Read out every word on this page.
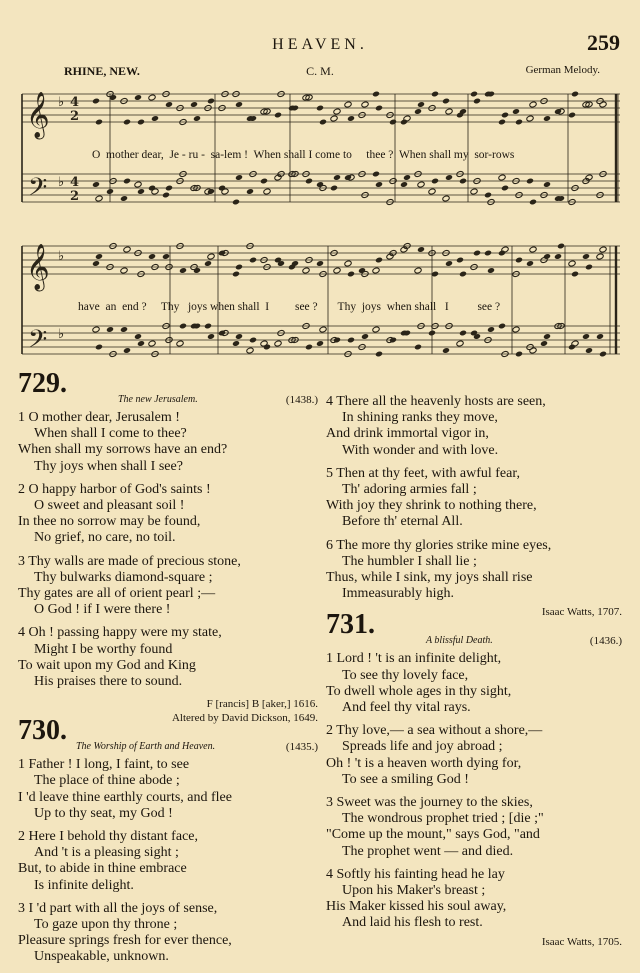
HEAVEN.	259
RHINE, NEW.	C. M.	German Melody.
𝄞
𝄢
𝄞
𝄢
♭
♭
♭
♭
4
2
4
2
O  mother dear,  Je - ru -  sa-lem !  When shall I come to     thee ?  When shall my  sor-rows
have  an  end ?     Thy   joys when shall  I         see ?       Thy  joys  when shall   I          see ?
729.
The new Jerusalem.	(1438.)
1 O mother dear, Jerusalem !
When shall I come to thee?
When shall my sorrows have an end?
Thy joys when shall I see?
2 O happy harbor of God's saints !
O sweet and pleasant soil !
In thee no sorrow may be found,
No grief, no care, no toil.
3 Thy walls are made of precious stone,
Thy bulwarks diamond-square ;
Thy gates are all of orient pearl ;—
O God ! if I were there !
4 Oh ! passing happy were my state,
Might I be worthy found
To wait upon my God and King
His praises there to sound.
F [rancis] B [aker,] 1616.
Altered by David Dickson, 1649.
730.
The Worship of Earth and Heaven.	(1435.)
1 Father ! I long, I faint, to see
The place of thine abode ;
I 'd leave thine earthly courts, and flee
Up to thy seat, my God !
2 Here I behold thy distant face,
And 't is a pleasing sight ;
But, to abide in thine embrace
Is infinite delight.
3 I 'd part with all the joys of sense,
To gaze upon thy throne ;
Pleasure springs fresh for ever thence,
Unspeakable, unknown.
4 There all the heavenly hosts are seen,
In shining ranks they move,
And drink immortal vigor in,
With wonder and with love.
5 Then at thy feet, with awful fear,
Th' adoring armies fall ;
With joy they shrink to nothing there,
Before th' eternal All.
6 The more thy glories strike mine eyes,
The humbler I shall lie ;
Thus, while I sink, my joys shall rise
Immeasurably high.
Isaac Watts, 1707.
731.
A blissful Death.	(1436.)
1 Lord ! 't is an infinite delight,
To see thy lovely face,
To dwell whole ages in thy sight,
And feel thy vital rays.
2 Thy love,— a sea without a shore,—
Spreads life and joy abroad ;
Oh ! 't is a heaven worth dying for,
To see a smiling God !
3 Sweet was the journey to the skies,
The wondrous prophet tried ; [die ;"
"Come up the mount," says God, "and
The prophet went — and died.
4 Softly his fainting head he lay
Upon his Maker's breast ;
His Maker kissed his soul away,
And laid his flesh to rest.
Isaac Watts, 1705.
